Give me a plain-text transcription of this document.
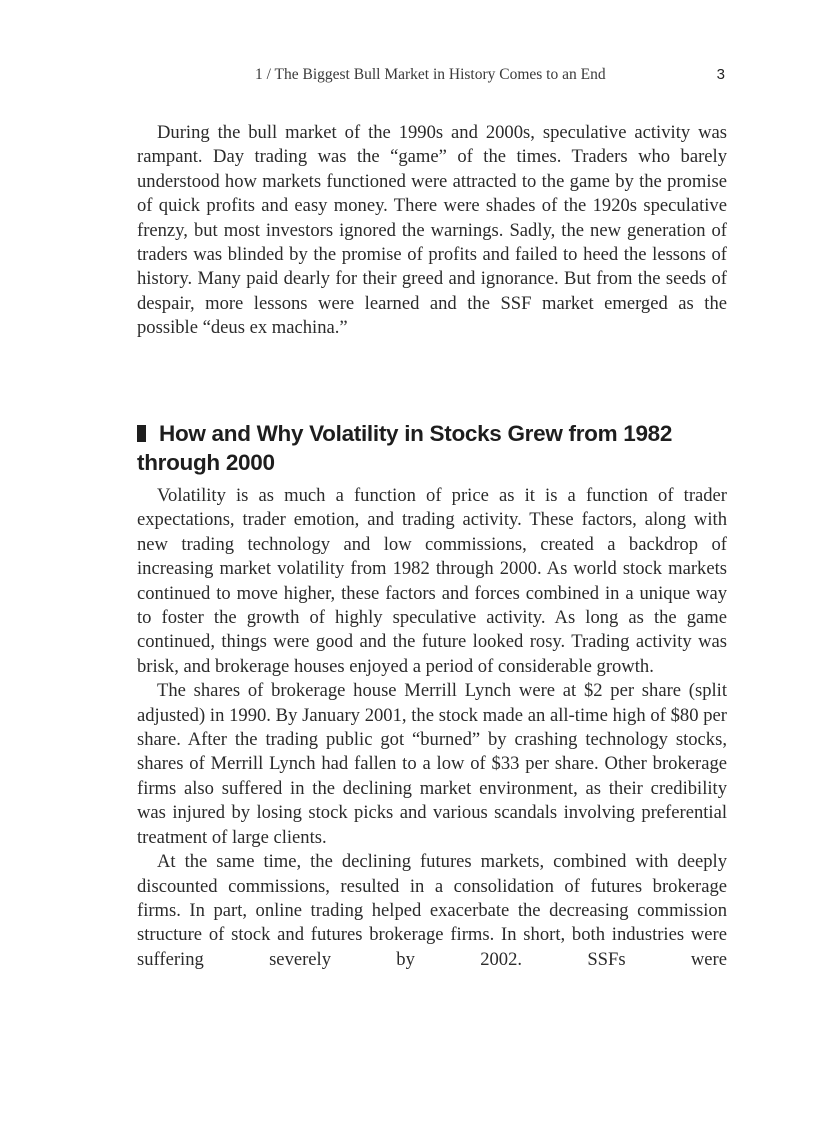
1 / The Biggest Bull Market in History Comes to an End	3

During the bull market of the 1990s and 2000s, speculative activity was rampant. Day trading was the “game” of the times. Traders who barely understood how markets functioned were attracted to the game by the promise of quick profits and easy money. There were shades of the 1920s speculative frenzy, but most investors ignored the warnings. Sadly, the new generation of traders was blinded by the promise of profits and failed to heed the lessons of history. Many paid dearly for their greed and ignorance. But from the seeds of despair, more lessons were learned and the SSF market emerged as the possible “deus ex machina.”

How and Why Volatility in Stocks Grew from 1982 through 2000

Volatility is as much a function of price as it is a function of trader expectations, trader emotion, and trading activity. These factors, along with new trading technology and low commissions, created a backdrop of increasing market volatility from 1982 through 2000. As world stock markets continued to move higher, these factors and forces combined in a unique way to foster the growth of highly speculative activity. As long as the game continued, things were good and the future looked rosy. Trading activity was brisk, and brokerage houses enjoyed a period of considerable growth.

The shares of brokerage house Merrill Lynch were at $2 per share (split adjusted) in 1990. By January 2001, the stock made an all-time high of $80 per share. After the trading public got “burned” by crashing technology stocks, shares of Merrill Lynch had fallen to a low of $33 per share. Other brokerage firms also suffered in the declining market environment, as their credibility was injured by losing stock picks and various scandals involving preferential treatment of large clients.

At the same time, the declining futures markets, combined with deeply discounted commissions, resulted in a consolidation of futures brokerage firms. In part, online trading helped exacerbate the decreasing commission structure of stock and futures brokerage firms. In short, both industries were suffering severely by 2002. SSFs were
